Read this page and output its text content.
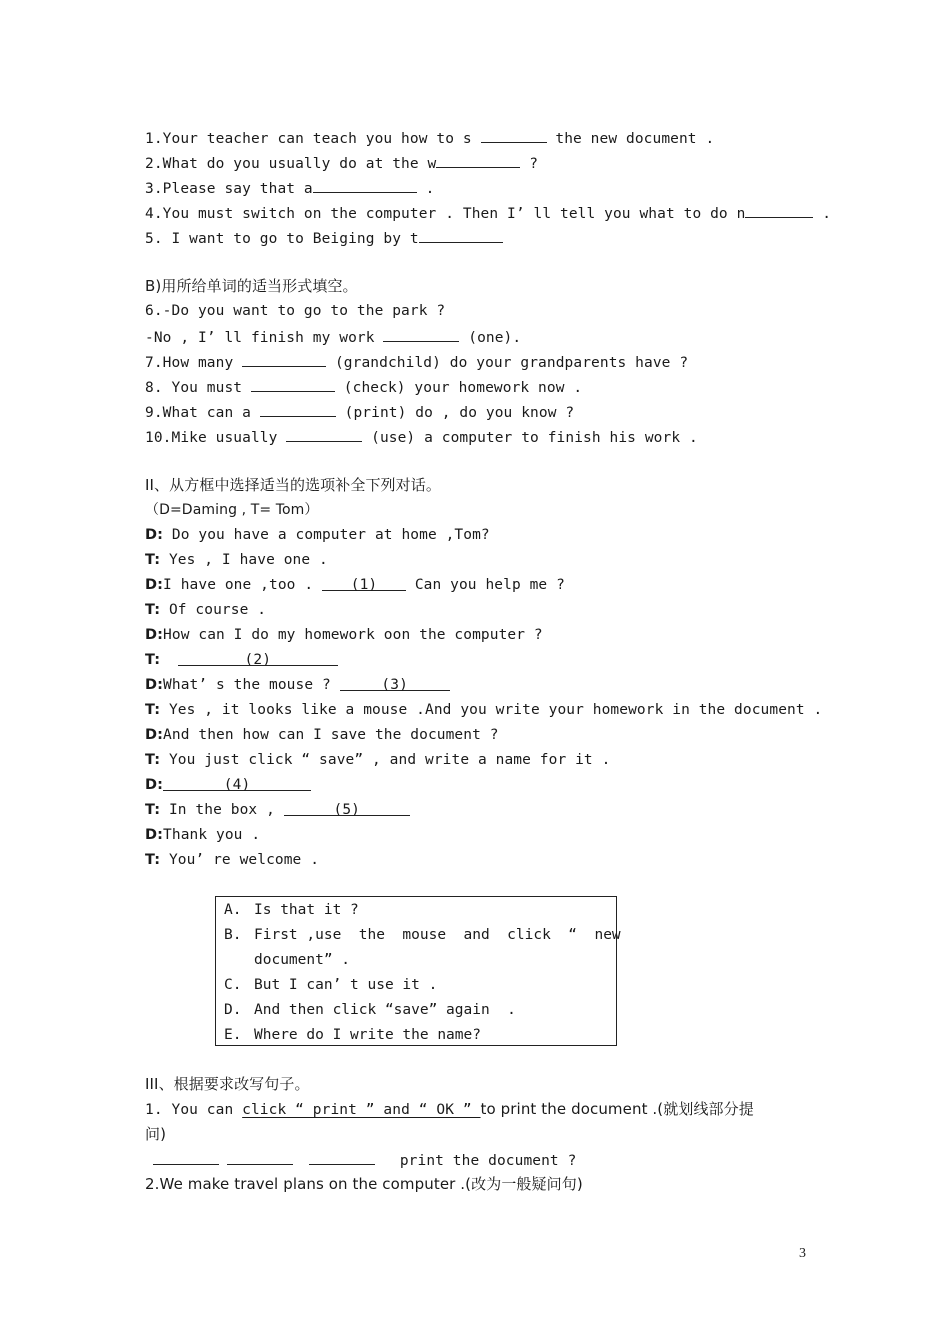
1.Your teacher can teach you how to s	the new document .
2.What do you usually do at the w	?
3.Please say that a	.
4.You must switch on the computer . Then I’ ll tell you what to do n	.
5. I want to go to Beiging by t
B)用所给单词的适当形式填空。
6.-Do you want to go to the park ?
-No , I’ ll finish my work	(one).
7.How many	(grandchild) do your grandparents have ?
8. You must	(check) your homework now .
9.What can a	(print) do , do you know ?
10.Mike usually	(use) a computer to finish his work .
II、从方框中选择适当的选项补全下列对话。
（D=Daming , T= Tom）
D: Do you have a computer at home ,Tom?
T: Yes , I have one .
D:I have one ,too . (1) Can you help me ?
T: Of course .
D:How can I do my homework oon the computer ?
T:	(2)
D:What’ s the mouse ?	(3)
T: Yes , it looks like a mouse .And you write your homework in the document .
D:And then how can I save the document ?
T: You just click “ save” , and write a name for it .
D:	(4)
T: In the box ,	(5)
D:Thank you .
T: You’ re welcome .
A. Is that it ?
B. First ,use  the  mouse  and  click  “  new
document” .
C. But I can’ t use it .
D. And then click “save” again  .
E. Where do I write the name?
III、根据要求改写句子。
1. You can click “ print ” and “ OK ” to print the document .(就划线部分提
问)
print the document ?
2.We make travel plans on the computer .(改为一般疑问句)
3
